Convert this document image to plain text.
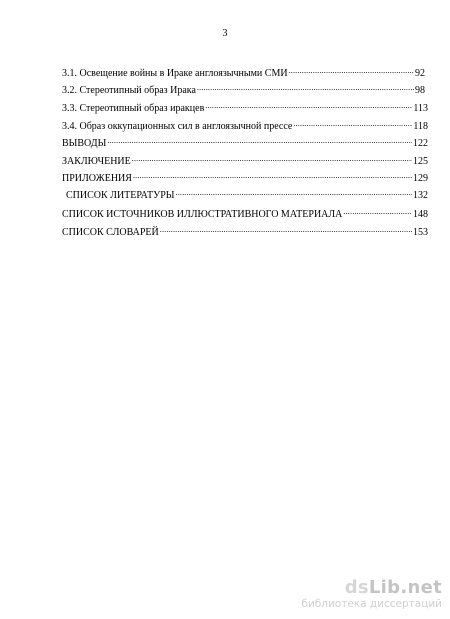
3
3.1. Освещение войны в Ираке англоязычными СМИ .....	92
3.2. Стереотипный образ Ирака .....	98
3.3. Стереотипный образ иракцев .....	113
3.4. Образ оккупационных сил в англоязычной прессе .....	118
ВЫВОДЫ .....	122
ЗАКЛЮЧЕНИЕ .....	125
ПРИЛОЖЕНИЯ .....	129
СПИСОК ЛИТЕРАТУРЫ .....	132
СПИСОК ИСТОЧНИКОВ ИЛЛЮСТРАТИВНОГО МАТЕРИАЛА .....	148
СПИСОК СЛОВАРЕЙ .....	153
dsLib.net
библиотека диссертаций
